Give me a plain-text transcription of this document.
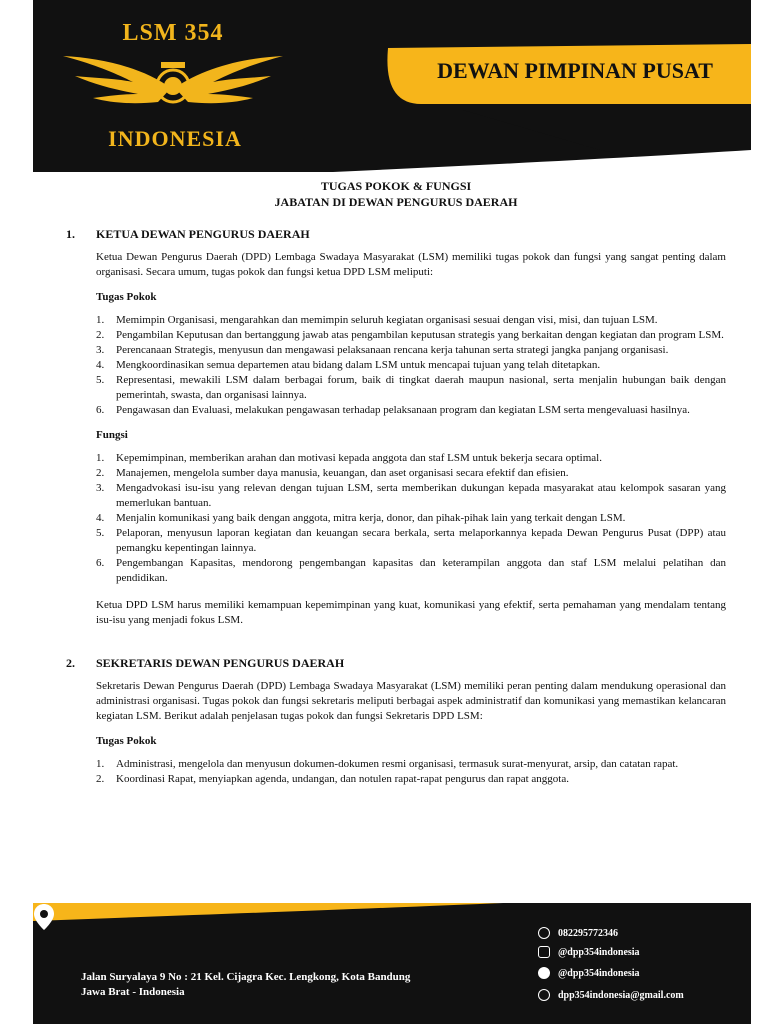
LSM 354
INDONESIA
DEWAN PIMPINAN PUSAT
TUGAS POKOK & FUNGSI
JABATAN DI DEWAN PENGURUS DAERAH
1.	KETUA DEWAN PENGURUS DAERAH
Ketua Dewan Pengurus Daerah (DPD) Lembaga Swadaya Masyarakat (LSM) memiliki tugas pokok dan fungsi yang sangat penting dalam organisasi. Secara umum, tugas pokok dan fungsi ketua DPD LSM meliputi:
Tugas Pokok
1.	Memimpin Organisasi, mengarahkan dan memimpin seluruh kegiatan organisasi sesuai dengan visi, misi, dan tujuan LSM.
2.	Pengambilan Keputusan dan bertanggung jawab atas pengambilan keputusan strategis yang berkaitan dengan kegiatan dan program LSM.
3.	Perencanaan Strategis, menyusun dan mengawasi pelaksanaan rencana kerja tahunan serta strategi jangka panjang organisasi.
4.	Mengkoordinasikan semua departemen atau bidang dalam LSM untuk mencapai tujuan yang telah ditetapkan.
5.	Representasi, mewakili LSM dalam berbagai forum, baik di tingkat daerah maupun nasional, serta menjalin hubungan baik dengan pemerintah, swasta, dan organisasi lainnya.
6.	Pengawasan dan Evaluasi, melakukan pengawasan terhadap pelaksanaan program dan kegiatan LSM serta mengevaluasi hasilnya.
Fungsi
1.	Kepemimpinan, memberikan arahan dan motivasi kepada anggota dan staf LSM untuk bekerja secara optimal.
2.	Manajemen, mengelola sumber daya manusia, keuangan, dan aset organisasi secara efektif dan efisien.
3.	Mengadvokasi isu-isu yang relevan dengan tujuan LSM, serta memberikan dukungan kepada masyarakat atau kelompok sasaran yang memerlukan bantuan.
4.	Menjalin komunikasi yang baik dengan anggota, mitra kerja, donor, dan pihak-pihak lain yang terkait dengan LSM.
5.	Pelaporan, menyusun laporan kegiatan dan keuangan secara berkala, serta melaporkannya kepada Dewan Pengurus Pusat (DPP) atau pemangku kepentingan lainnya.
6.	Pengembangan Kapasitas, mendorong pengembangan kapasitas dan keterampilan anggota dan staf LSM melalui pelatihan dan pendidikan.
Ketua DPD LSM harus memiliki kemampuan kepemimpinan yang kuat, komunikasi yang efektif, serta pemahaman yang mendalam tentang isu-isu yang menjadi fokus LSM.
2.	SEKRETARIS DEWAN PENGURUS DAERAH
Sekretaris Dewan Pengurus Daerah (DPD) Lembaga Swadaya Masyarakat (LSM) memiliki peran penting dalam mendukung operasional dan administrasi organisasi. Tugas pokok dan fungsi sekretaris meliputi berbagai aspek administratif dan komunikasi yang memastikan kelancaran kegiatan LSM. Berikut adalah penjelasan tugas pokok dan fungsi Sekretaris DPD LSM:
Tugas Pokok
1.	Administrasi, mengelola dan menyusun dokumen-dokumen resmi organisasi, termasuk surat-menyurat, arsip, dan catatan rapat.
2.	Koordinasi Rapat, menyiapkan agenda, undangan, dan notulen rapat-rapat pengurus dan rapat anggota.
Jalan Suryalaya 9 No : 21 Kel. Cijagra Kec. Lengkong, Kota Bandung
Jawa Brat - Indonesia
082295772346
@dpp354indonesia
@dpp354indonesia
dpp354indonesia@gmail.com
